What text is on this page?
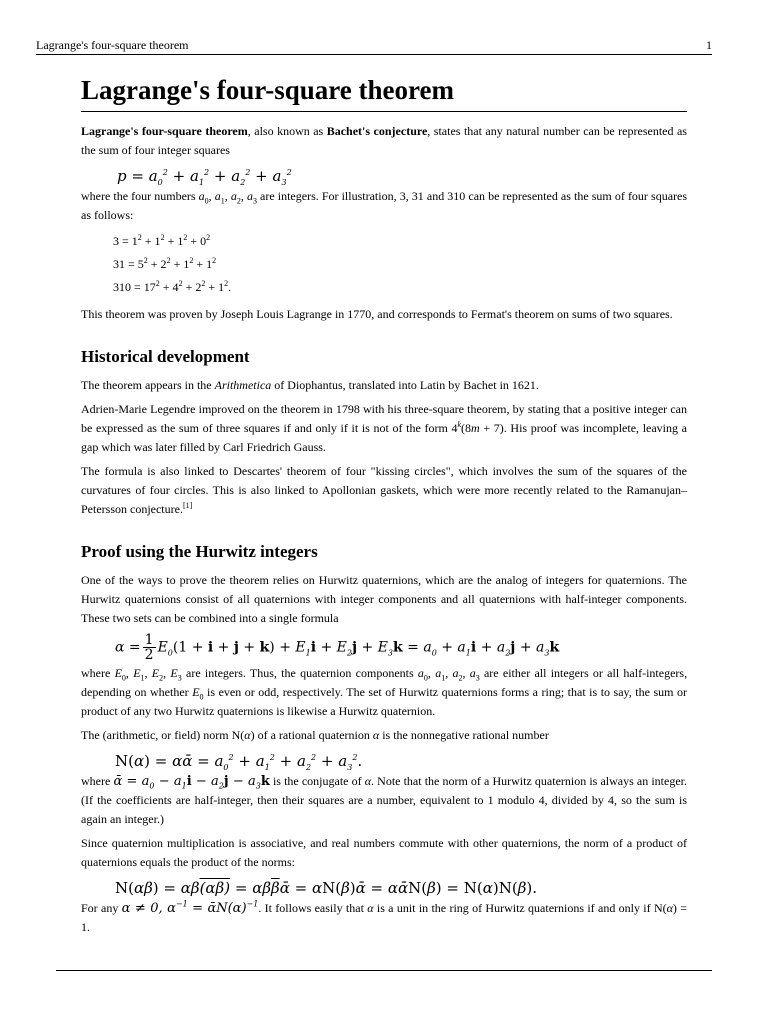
Lagrange's four-square theorem	1
Lagrange's four-square theorem

Lagrange's four-square theorem, also known as Bachet's conjecture, states that any natural number can be represented as the sum of four integer squares

$p = a_0^2 + a_1^2 + a_2^2 + a_3^2$

where the four numbers $a_0$, $a_1$, $a_2$, $a_3$ are integers. For illustration, 3, 31 and 310 can be represented as the sum of four squares as follows:

$3 = 1^2 + 1^2 + 1^2 + 0^2$
$31 = 5^2 + 2^2 + 1^2 + 1^2$
$310 = 17^2 + 4^2 + 2^2 + 1^2$.

This theorem was proven by Joseph Louis Lagrange in 1770, and corresponds to Fermat's theorem on sums of two squares.

Historical development

The theorem appears in the Arithmetica of Diophantus, translated into Latin by Bachet in 1621.

Adrien-Marie Legendre improved on the theorem in 1798 with his three-square theorem, by stating that a positive integer can be expressed as the sum of three squares if and only if it is not of the form $4^k(8m + 7)$. His proof was incomplete, leaving a gap which was later filled by Carl Friedrich Gauss.

The formula is also linked to Descartes' theorem of four "kissing circles", which involves the sum of the squares of the curvatures of four circles. This is also linked to Apollonian gaskets, which were more recently related to the Ramanujan–Petersson conjecture.[1]

Proof using the Hurwitz integers

One of the ways to prove the theorem relies on Hurwitz quaternions, which are the analog of integers for quaternions. The Hurwitz quaternions consist of all quaternions with integer components and all quaternions with half-integer components. These two sets can be combined into a single formula

$\alpha = \frac{1}{2} E_0(1 + i + j + k) + E_1i + E_2j + E_3k = a_0 + a_1i + a_2j + a_3k$

where $E_0$, $E_1$, $E_2$, $E_3$ are integers. Thus, the quaternion components $a_0$, $a_1$, $a_2$, $a_3$ are either all integers or all half-integers, depending on whether $E_0$ is even or odd, respectively. The set of Hurwitz quaternions forms a ring; that is to say, the sum or product of any two Hurwitz quaternions is likewise a Hurwitz quaternion.

The (arithmetic, or field) norm N(α) of a rational quaternion α is the nonnegative rational number

N(α) = αᾱ = $a_0^2 + a_1^2 + a_2^2 + a_3^2$.

where ᾱ = $a_0 - a_1i - a_2j - a_3k$ is the conjugate of α. Note that the norm of a Hurwitz quaternion is always an integer. (If the coefficients are half-integer, then their squares are a number, equivalent to 1 modulo 4, divided by 4, so the sum is again an integer.)

Since quaternion multiplication is associative, and real numbers commute with other quaternions, the norm of a product of quaternions equals the product of the norms:

$N(\alpha\beta) = \alpha\beta(\alpha\beta) = \alpha\beta\overline{\beta}ᾱ$ = αN(β)ᾱ = αᾱN(β) = N(α)N(β).

For any α ≠ 0, $\alpha^{-1}$ = $ᾱN(\alpha)^{-1}$. It follows easily that α is a unit in the ring of Hurwitz quaternions if and only if N(α) = 1.
